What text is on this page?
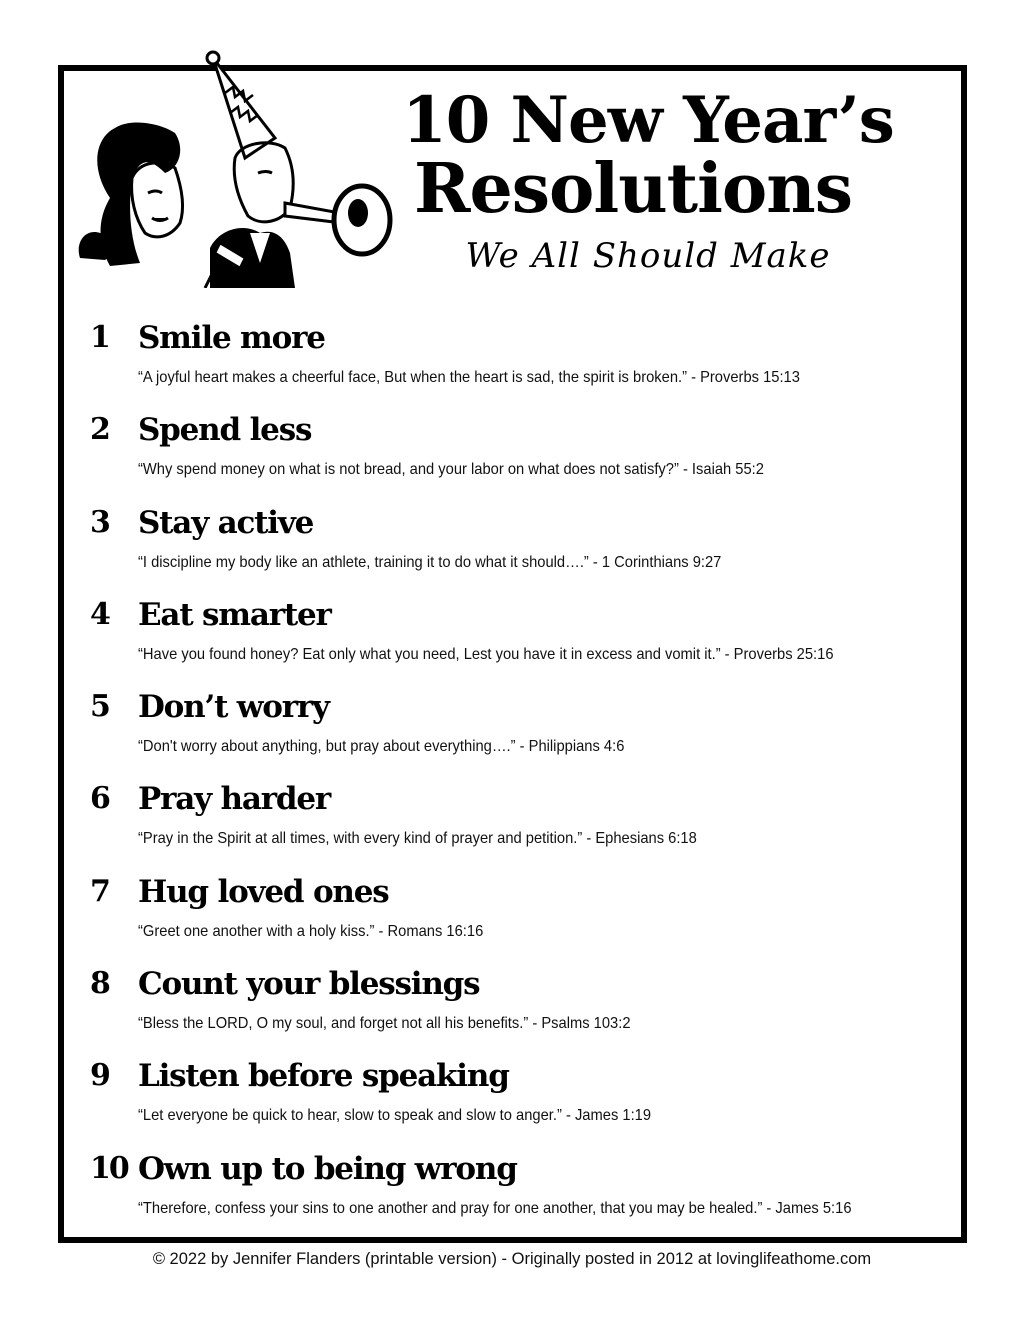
10 New Year’s
Resolutions
We All Should Make
1 Smile more
“A joyful heart makes a cheerful face, But when the heart is sad, the spirit is broken.” - Proverbs 15:13
2 Spend less
“Why spend money on what is not bread, and your labor on what does not satisfy?” - Isaiah 55:2
3 Stay active
“I discipline my body like an athlete, training it to do what it should….” - 1 Corinthians 9:27
4 Eat smarter
“Have you found honey? Eat only what you need, Lest you have it in excess and vomit it.” - Proverbs 25:16
5 Don’t worry
“Don't worry about anything, but pray about everything….” - Philippians 4:6
6 Pray harder
“Pray in the Spirit at all times, with every kind of prayer and petition.” - Ephesians 6:18
7 Hug loved ones
“Greet one another with a holy kiss.” - Romans 16:16
8 Count your blessings
“Bless the LORD, O my soul, and forget not all his benefits.” - Psalms 103:2
9 Listen before speaking
“Let everyone be quick to hear, slow to speak and slow to anger.” - James 1:19
10 Own up to being wrong
“Therefore, confess your sins to one another and pray for one another, that you may be healed.” - James 5:16
© 2022 by Jennifer Flanders (printable version) - Originally posted in 2012 at lovinglifeathome.com
